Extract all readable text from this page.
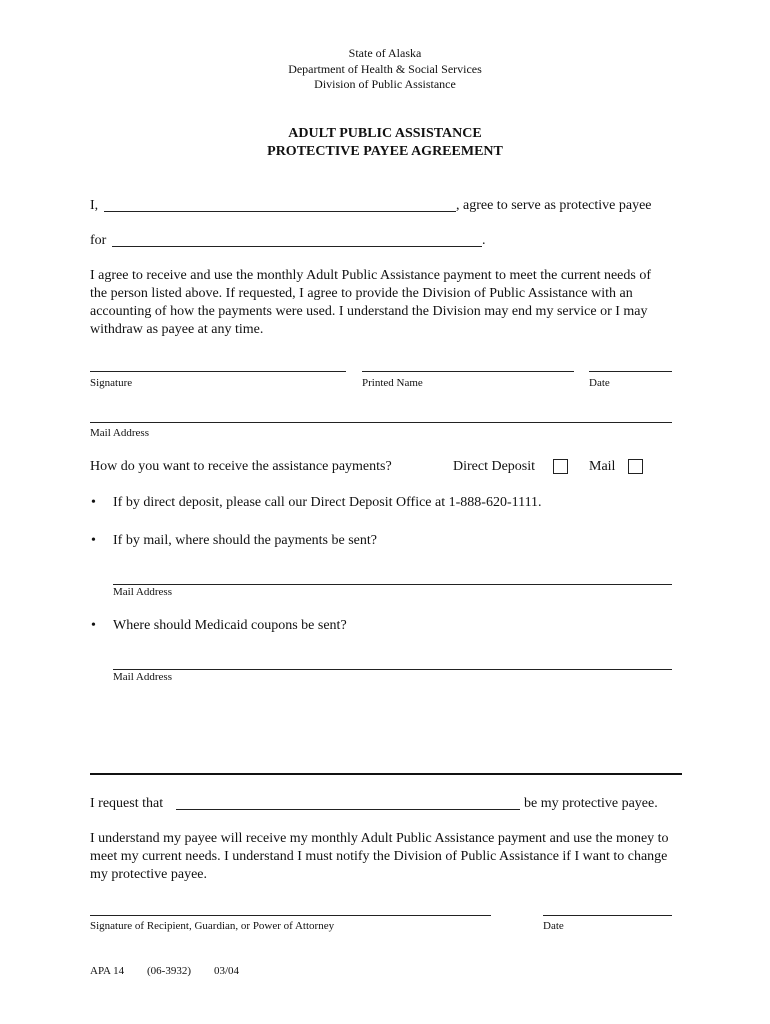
State of Alaska
Department of Health & Social Services
Division of Public Assistance
ADULT PUBLIC ASSISTANCE
PROTECTIVE PAYEE AGREEMENT
I,	, agree to serve as protective payee
for	.
I agree to receive and use the monthly Adult Public Assistance payment to meet the current needs of the person listed above. If requested, I agree to provide the Division of Public Assistance with an accounting of how the payments were used. I understand the Division may end my service or I may withdraw as payee at any time.
Signature	Printed Name	Date
Mail Address
How do you want to receive the assistance payments?	Direct Deposit	Mail
• If by direct deposit, please call our Direct Deposit Office at 1-888-620-1111.
• If by mail, where should the payments be sent?
Mail Address
• Where should Medicaid coupons be sent?
Mail Address
I request that	be my protective payee.
I understand my payee will receive my monthly Adult Public Assistance payment and use the money to meet my current needs. I understand I must notify the Division of Public Assistance if I want to change my protective payee.
Signature of Recipient, Guardian, or Power of Attorney	Date
APA 14 (06-3932) 03/04
